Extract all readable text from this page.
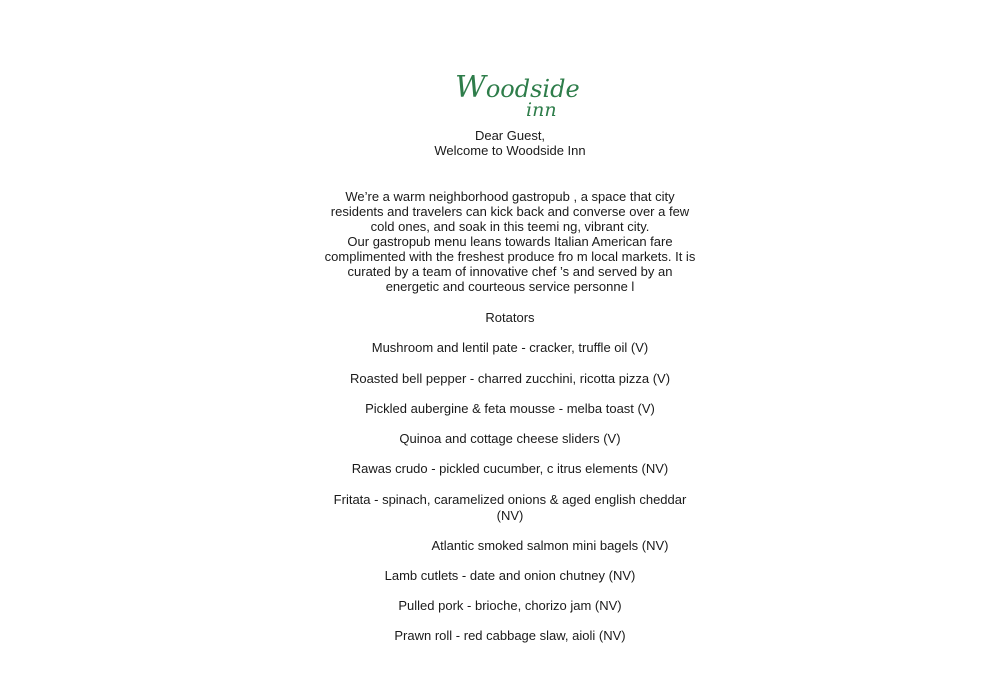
Woodside
inn
Dear Guest,
Welcome to Woodside Inn
We’re a warm neighborhood gastropub , a space that city
residents and travelers can kick back and converse over a few
cold ones, and soak in this teemi ng, vibrant city.
Our gastropub menu leans towards Italian American fare
complimented with the freshest produce fro m local markets. It is
curated by a team of innovative chef ’s and served by an
energetic and courteous service personne l
Rotators
Mushroom and lentil pate - cracker, truffle oil (V)
Roasted bell pepper - charred zucchini, ricotta pizza (V)
Pickled aubergine & feta mousse - melba toast (V)
Quinoa and cottage cheese sliders (V)
Rawas crudo - pickled cucumber, c itrus elements (NV)
Fritata - spinach, caramelized onions & aged english cheddar
(NV)
Atlantic smoked salmon mini bagels (NV)
Lamb cutlets - date and onion chutney (NV)
Pulled pork - brioche, chorizo jam (NV)
Prawn roll - red cabbage slaw, aioli (NV)
